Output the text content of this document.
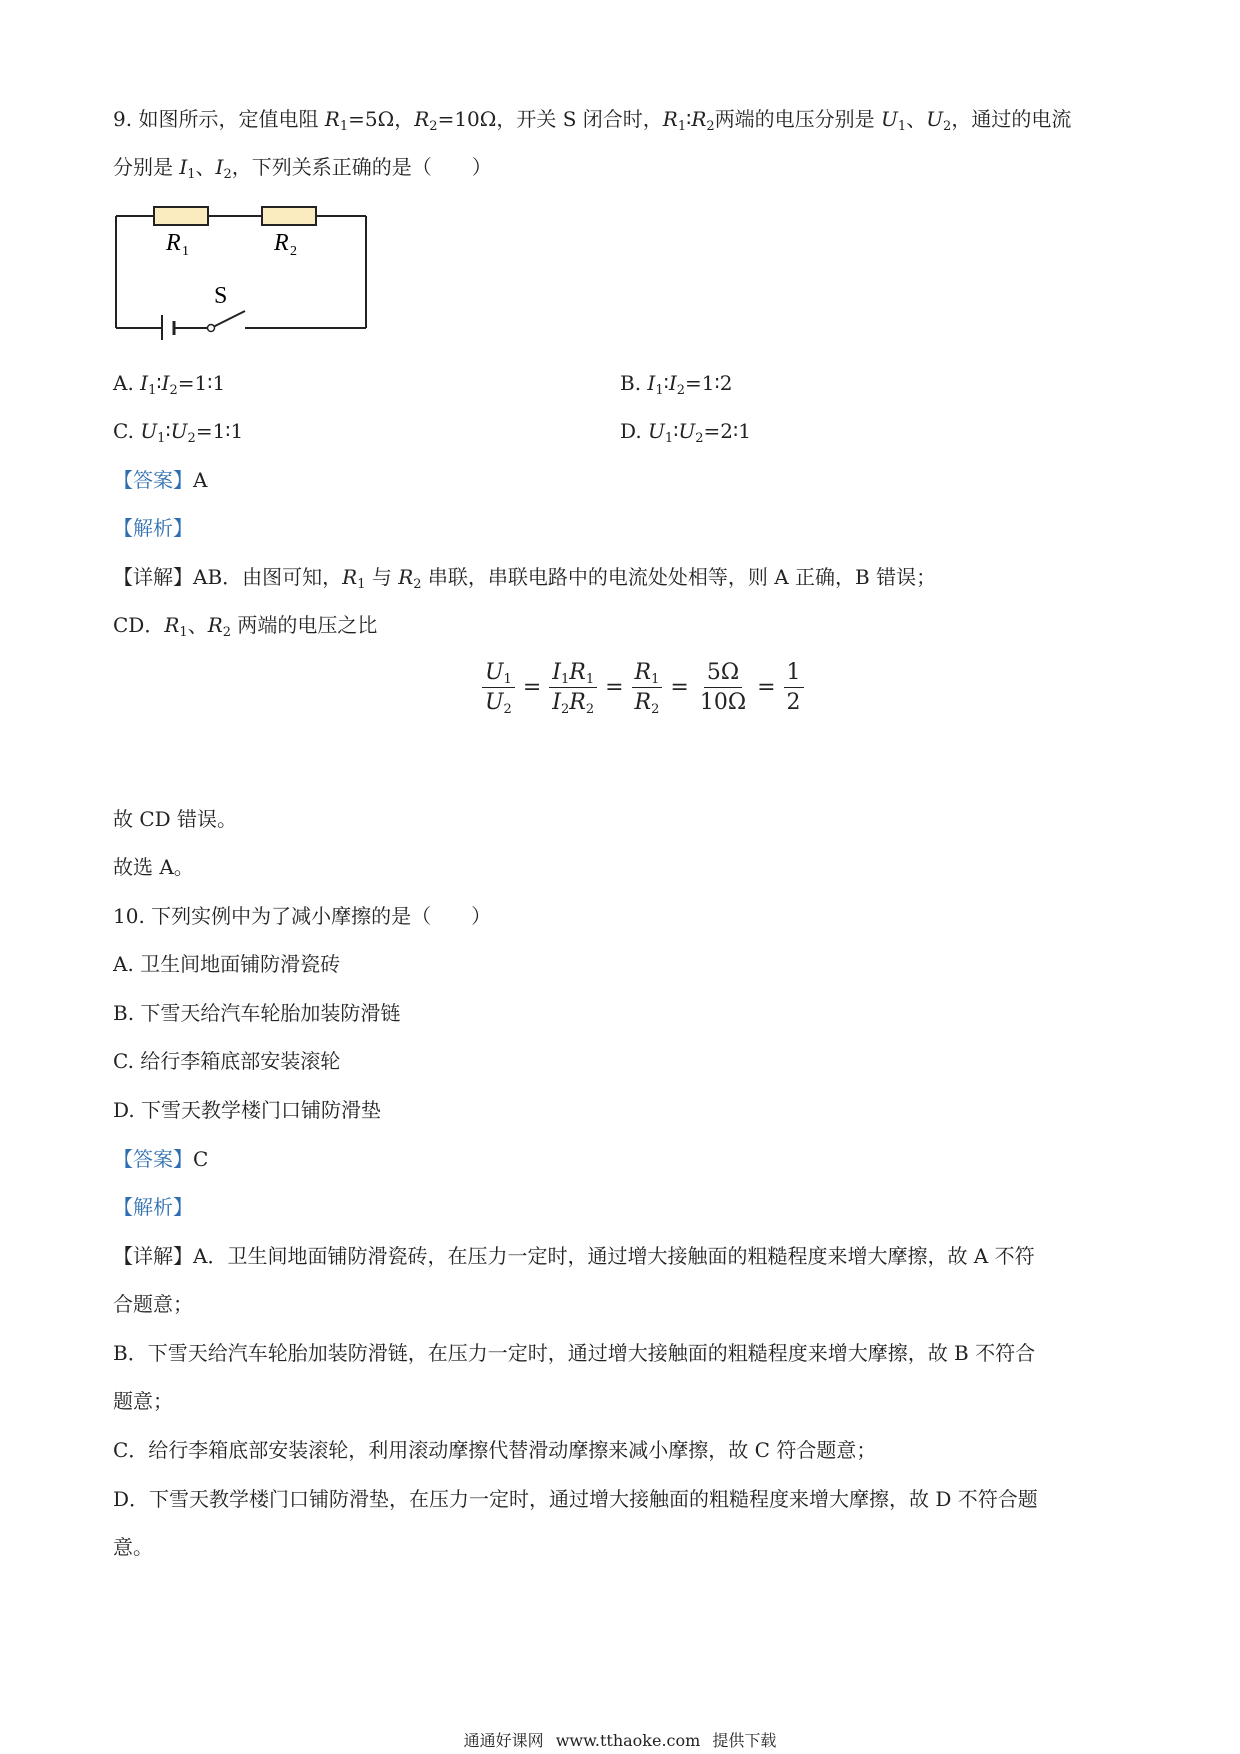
9. 如图所示，定值电阻 $R_1=5\Omega$，$R_2=10\Omega$，开关 S 闭合时，$R_1∶R_2$两端的电压分别是 $U_1$、$U_2$，通过的电流
分别是 $I_1$、$I_2$，下列关系正确的是（　　）
R 1	R 2
S
A. $I_1∶I_2=1∶1$	B. $I_1∶I_2=1∶2$
C. $U_1∶U_2=1∶1$	D. $U_1∶U_2=2∶1$
【答案】A
【解析】
【详解】AB．由图可知，$R_1$ 与 $R_2$ 串联，串联电路中的电流处处相等，则 A 正确，B 错误；
CD．$R_1$、$R_2$ 两端的电压之比
$\frac{U_1}{U_2} = \frac{I_1R_1}{I_2R_2} = \frac{R_1}{R_2} = \frac{5\Omega}{10\Omega} = \frac{1}{2}$
故 CD 错误。
故选 A。
10. 下列实例中为了减小摩擦的是（　　）
A. 卫生间地面铺防滑瓷砖
B. 下雪天给汽车轮胎加装防滑链
C. 给行李箱底部安装滚轮
D. 下雪天教学楼门口铺防滑垫
【答案】C
【解析】
【详解】A．卫生间地面铺防滑瓷砖，在压力一定时，通过增大接触面的粗糙程度来增大摩擦，故 A 不符
合题意；
B．下雪天给汽车轮胎加装防滑链，在压力一定时，通过增大接触面的粗糙程度来增大摩擦，故 B 不符合
题意；
C．给行李箱底部安装滚轮，利用滚动摩擦代替滑动摩擦来减小摩擦，故 C 符合题意；
D．下雪天教学楼门口铺防滑垫，在压力一定时，通过增大接触面的粗糙程度来增大摩擦，故 D 不符合题
意。
通通好课网 www.tthaoke.com 提供下载
